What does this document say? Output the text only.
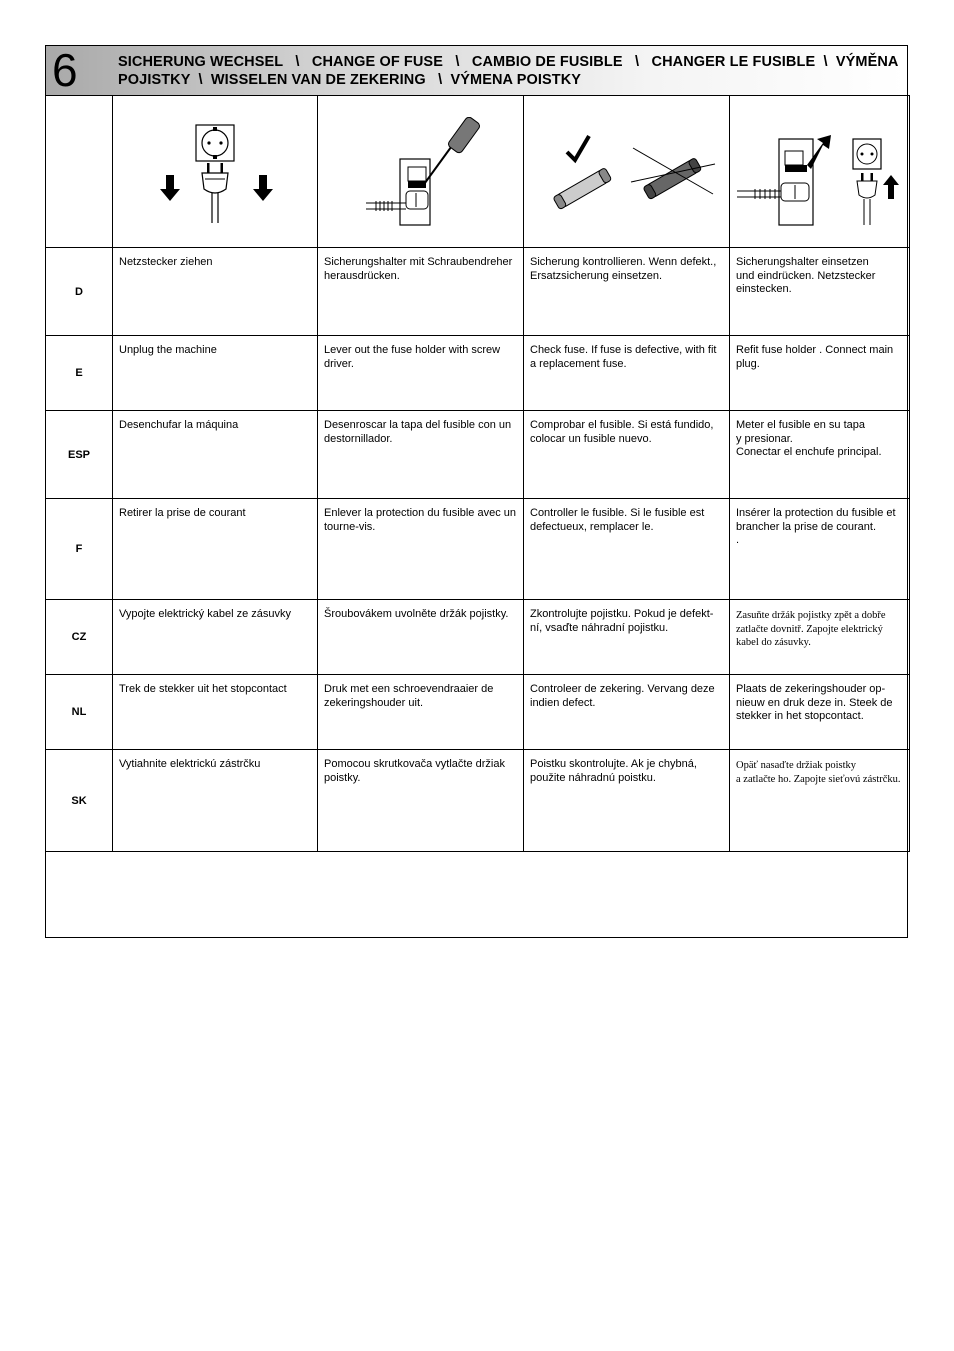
6	SICHERUNG WECHSEL   \   CHANGE OF FUSE   \   CAMBIO DE FUSIBLE   \   CHANGER LE FUSIBLE  \  VÝMĚNA
POJISTKY  \  WISSELEN VAN DE ZEKERING   \  VÝMENA POISTKY

D	Netzstecker ziehen	Sicherungshalter mit Schraubendreher herausdrücken.	Sicherung kontrollieren. Wenn defekt., Ersatzsicherung einsetzen.	Sicherungshalter einsetzen
und eindrücken. Netzstecker einstecken.

E	Unplug the machine	Lever out the fuse holder with screw driver.	Check fuse. If fuse is defective, with fit a replacement fuse.	Refit fuse holder . Connect main plug.

ESP	Desenchufar la máquina	Desenroscar la tapa del fusible con un destornillador.	Comprobar el fusible. Si está fundido, colocar un fusible nuevo.	Meter el fusible en su tapa
y presionar.
Conectar el enchufe principal.

F	Retirer la prise de courant	Enlever la protection du fusible avec un tourne-vis.	Controller le fusible. Si le fusible est defectueux, remplacer le.	Insérer la protection du fusible et brancher la prise de courant.
.

CZ	Vypojte elektrický kabel ze zásuvky	Šroubovákem uvolněte držák pojistky.	Zkontrolujte pojistku. Pokud je defekt-
ní, vsaďte náhradní pojistku.	Zasuňte držák pojistky zpět a dobře zatlačte dovnitř. Zapojte elektrický kabel do zásuvky.

NL	Trek de stekker uit het stopcontact	Druk met een schroevendraaier de zekeringshouder uit.	Controleer de zekering. Vervang deze indien defect.	Plaats de zekeringshouder op-
nieuw en druk deze in. Steek de stekker in het stopcontact.

SK	Vytiahnite elektrickú zástrčku	Pomocou skrutkovača vytlačte držiak poistky.	Poistku skontrolujte. Ak je chybná, použite náhradnú poistku.	Opäť nasaďte držiak poistky
a zatlačte ho. Zapojte sieťovú zástrčku.
